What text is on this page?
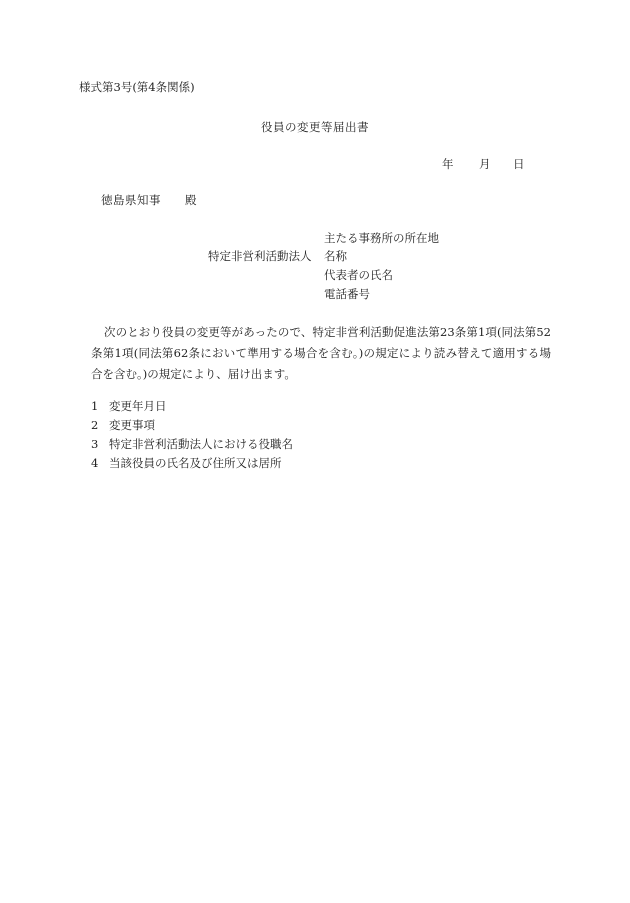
様式第3号(第4条関係)
役員の変更等届出書
年 月 日
徳島県知事 殿
主たる事務所の所在地
特定非営利活動法人 名称
代表者の氏名
電話番号
次のとおり役員の変更等があったので、特定非営利活動促進法第23条第1項(同法第52条第1項(同法第62条において準用する場合を含む。)の規定により読み替えて適用する場合を含む。)の規定により、届け出ます。
1 変更年月日
2 変更事項
3 特定非営利活動法人における役職名
4 当該役員の氏名及び住所又は居所
